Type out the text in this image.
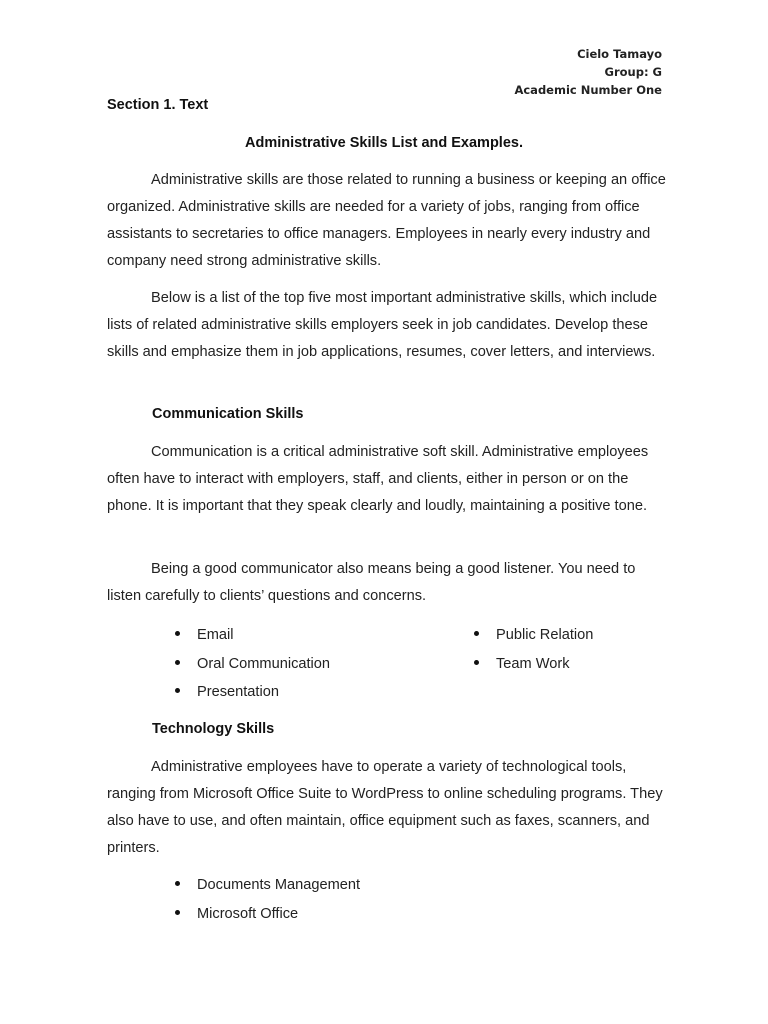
Cielo Tamayo
Group: G
Academic Number One
Section 1. Text
Administrative Skills List and Examples.

Administrative skills are those related to running a business or keeping an office organized. Administrative skills are needed for a variety of jobs, ranging from office assistants to secretaries to office managers. Employees in nearly every industry and company need strong administrative skills.

Below is a list of the top five most important administrative skills, which include lists of related administrative skills employers seek in job candidates. Develop these skills and emphasize them in job applications, resumes, cover letters, and interviews.

Communication Skills

Communication is a critical administrative soft skill. Administrative employees often have to interact with employers, staff, and clients, either in person or on the phone. It is important that they speak clearly and loudly, maintaining a positive tone.

Being a good communicator also means being a good listener. You need to listen carefully to clients’ questions and concerns.

Email
Oral Communication
Presentation
Public Relation
Team Work
Technology Skills

Administrative employees have to operate a variety of technological tools, ranging from Microsoft Office Suite to WordPress to online scheduling programs. They also have to use, and often maintain, office equipment such as faxes, scanners, and printers.

Documents Management
Microsoft Office
